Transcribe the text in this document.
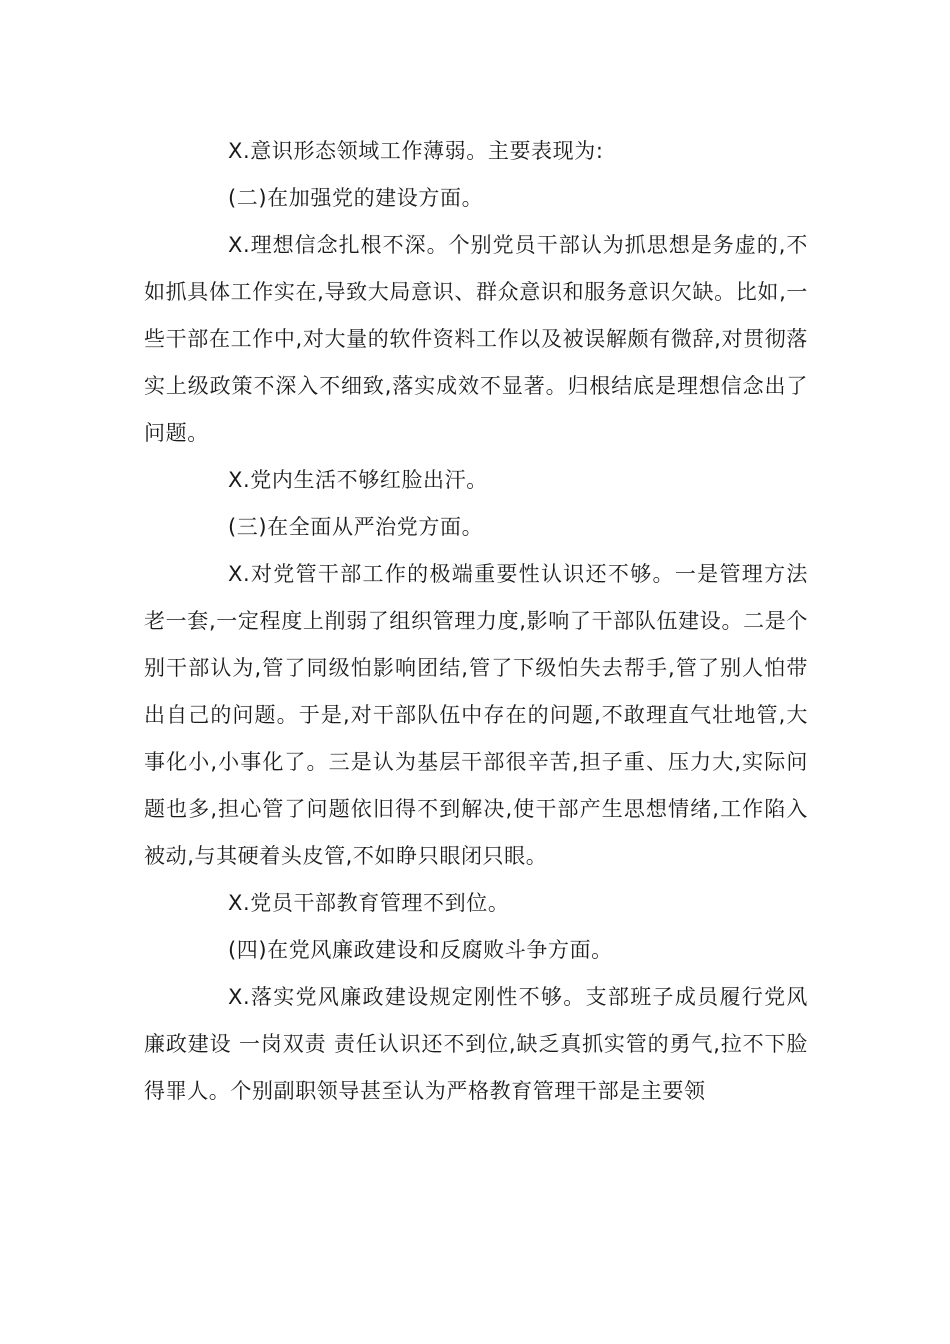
X.意识形态领域工作薄弱。主要表现为:

(二)在加强党的建设方面。

X.理想信念扎根不深。个别党员干部认为抓思想是务虚的,不如抓具体工作实在,导致大局意识、群众意识和服务意识欠缺。比如,一些干部在工作中,对大量的软件资料工作以及被误解颇有微辞,对贯彻落实上级政策不深入不细致,落实成效不显著。归根结底是理想信念出了问题。

X.党内生活不够红脸出汗。

(三)在全面从严治党方面。

X.对党管干部工作的极端重要性认识还不够。一是管理方法老一套,一定程度上削弱了组织管理力度,影响了干部队伍建设。二是个别干部认为,管了同级怕影响团结,管了下级怕失去帮手,管了别人怕带出自己的问题。于是,对干部队伍中存在的问题,不敢理直气壮地管,大事化小,小事化了。三是认为基层干部很辛苦,担子重、压力大,实际问题也多,担心管了问题依旧得不到解决,使干部产生思想情绪,工作陷入被动,与其硬着头皮管,不如睁只眼闭只眼。

X.党员干部教育管理不到位。

(四)在党风廉政建设和反腐败斗争方面。

X.落实党风廉政建设规定刚性不够。支部班子成员履行党风廉政建设 一岗双责 责任认识还不到位,缺乏真抓实管的勇气,拉不下脸得罪人。个别副职领导甚至认为严格教育管理干部是主要领
